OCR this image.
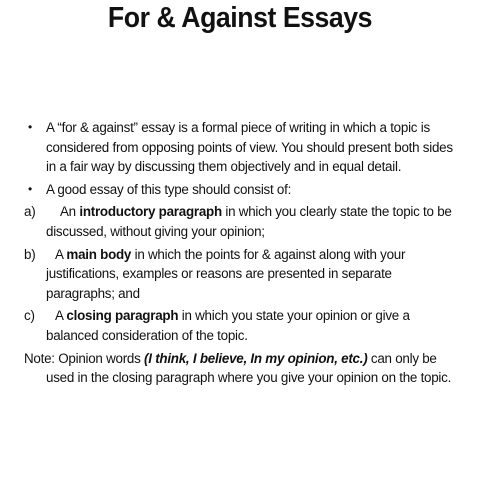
For & Against Essays
•	A “for & against” essay is a formal piece of writing in which a topic is considered from opposing points of view. You should present both sides in a fair way by discussing them objectively and in equal detail.
•	A good essay of this type should consist of:
a)	An introductory paragraph in which you clearly state the topic to be discussed, without giving your opinion;
b)	A main body in which the points for & against along with your justifications, examples or reasons are presented in separate paragraphs; and
c)	A closing paragraph in which you state your opinion or give a balanced consideration of the topic.
Note: Opinion words (I think, I believe, In my opinion, etc.) can only be used in the closing paragraph where you give your opinion on the topic.
